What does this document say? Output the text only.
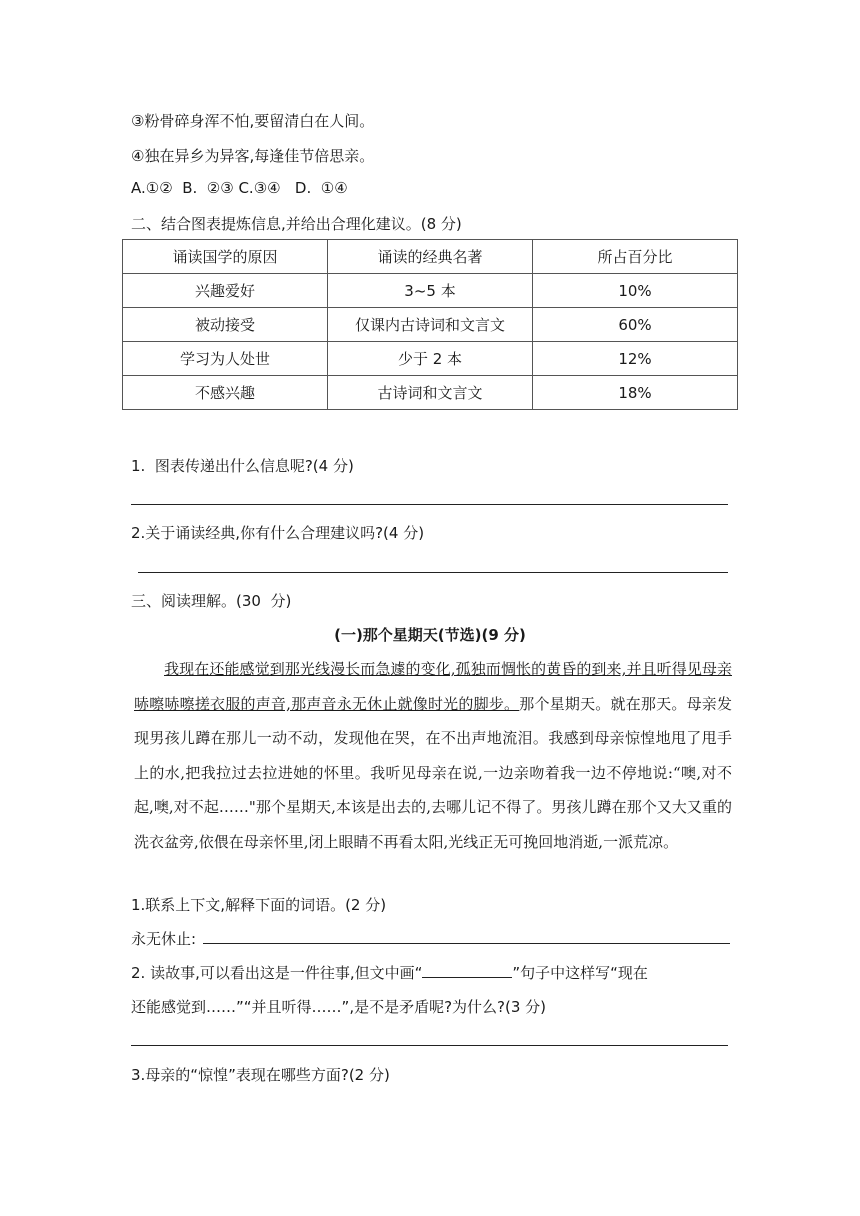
③粉骨碎身浑不怕,要留清白在人间。
④独在异乡为异客,每逢佳节倍思亲。
A.①②  B.  ②③ C.③④   D.  ①④
二、结合图表提炼信息,并给出合理化建议。(8 分)
诵读国学的原因	诵读的经典名著	所占百分比
兴趣爱好	3~5 本	10%
被动接受	仅课内古诗词和文言文	60%
学习为人处世	少于 2 本	12%
不感兴趣	古诗词和文言文	18%
1.  图表传递出什么信息呢?(4 分)
2.关于诵读经典,你有什么合理建议吗?(4 分)
三、阅读理解。(30  分)
(一)那个星期天(节选)(9 分)
我现在还能感觉到那光线漫长而急遽的变化,孤独而惆怅的黄昏的到来,并且听得见母亲哧嚓哧嚓搓衣服的声音,那声音永无休止就像时光的脚步。那个星期天。就在那天。母亲发现男孩儿蹲在那儿一动不动，发现他在哭，在不出声地流泪。我感到母亲惊惶地甩了甩手上的水,把我拉过去拉进她的怀里。我听见母亲在说,一边亲吻着我一边不停地说:“噢,对不起,噢,对不起……"那个星期天,本该是出去的,去哪儿记不得了。男孩儿蹲在那个又大又重的洗衣盆旁,依偎在母亲怀里,闭上眼睛不再看太阳,光线正无可挽回地消逝,一派荒凉。
1.联系上下文,解释下面的词语。(2 分)
永无休止:
2. 读故事,可以看出这是一件往事,但文中画“	”句子中这样写“现在
还能感觉到……”“并且听得……”,是不是矛盾呢?为什么?(3 分)
3.母亲的“惊惶”表现在哪些方面?(2 分)
